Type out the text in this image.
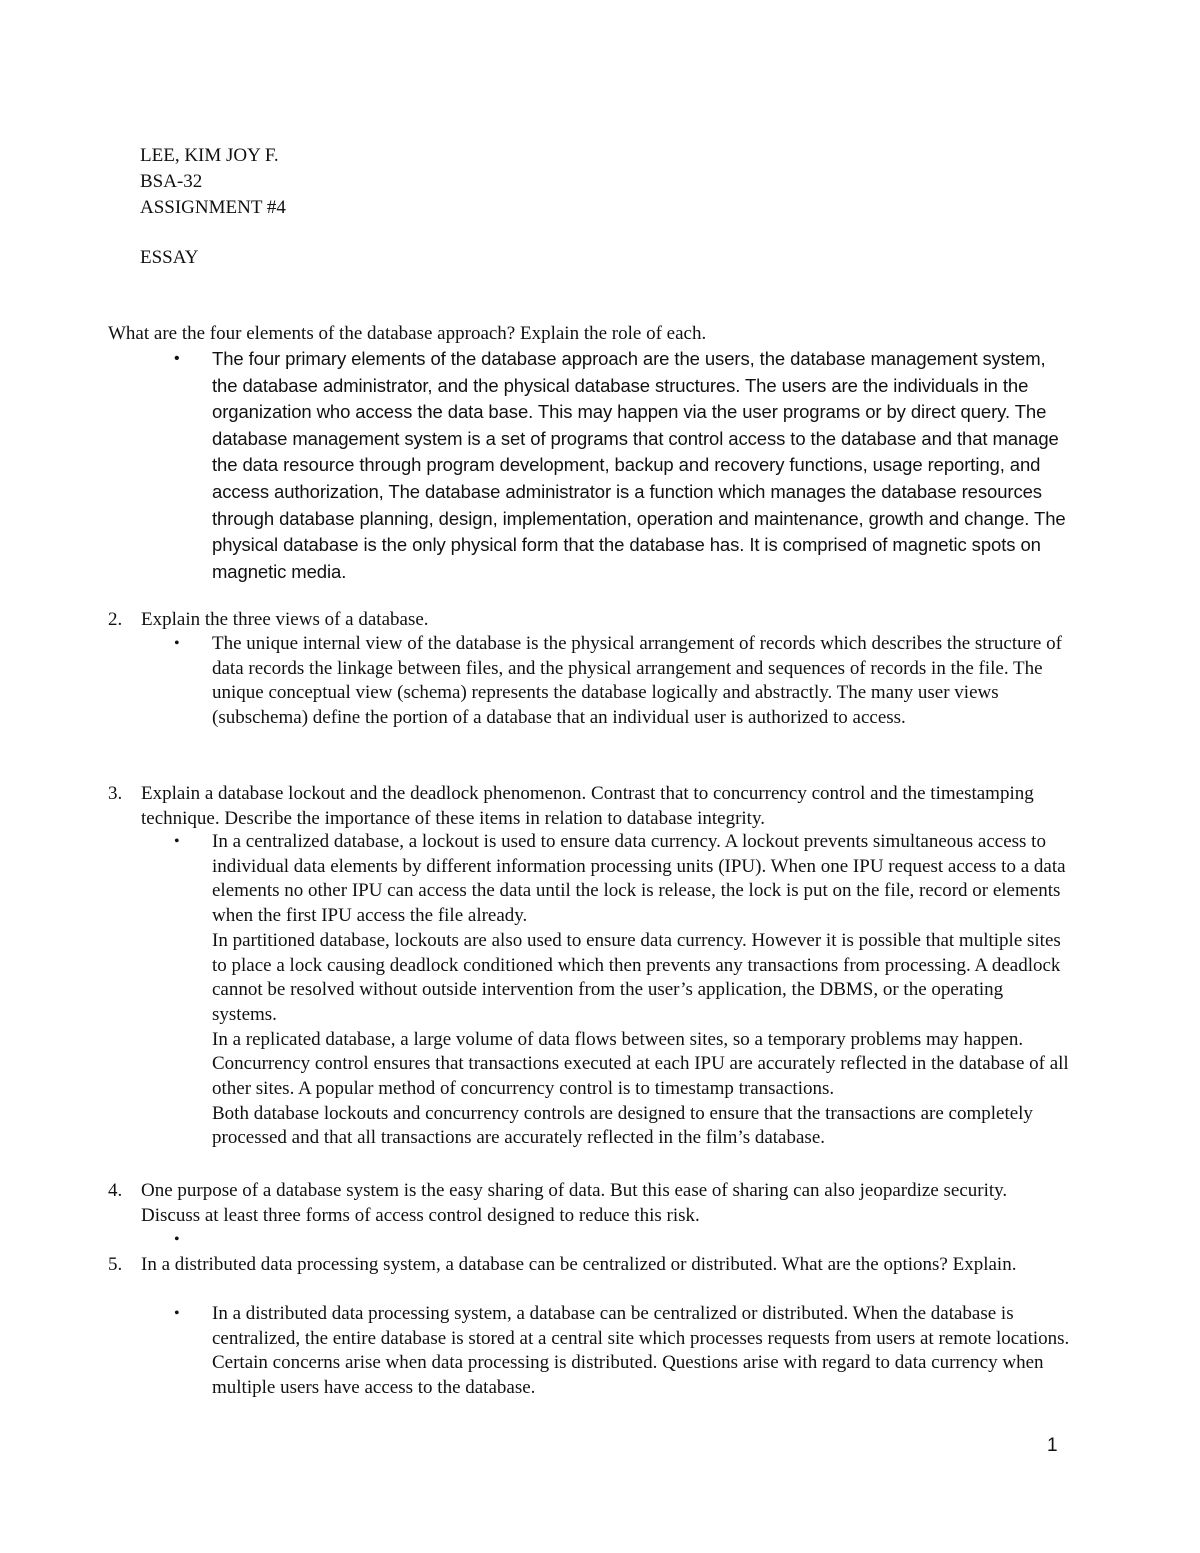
LEE, KIM JOY F.
BSA-32
ASSIGNMENT #4
ESSAY
What are the four elements of the database approach? Explain the role of each.
• The four primary elements of the database approach are the users, the database management system, the database administrator, and the physical database structures. The users are the individuals in the organization who access the data base. This may happen via the user programs or by direct query. The database management system is a set of programs that control access to the database and that manage the data resource through program development, backup and recovery functions, usage reporting, and access authorization, The database administrator is a function which manages the database resources through database planning, design, implementation, operation and maintenance, growth and change. The physical database is the only physical form that the database has. It is comprised of magnetic spots on magnetic media.
2. Explain the three views of a database.
• The unique internal view of the database is the physical arrangement of records which describes the structure of data records the linkage between files, and the physical arrangement and sequences of records in the file. The unique conceptual view (schema) represents the database logically and abstractly. The many user views (subschema) define the portion of a database that an individual user is authorized to access.
3. Explain a database lockout and the deadlock phenomenon. Contrast that to concurrency control and the timestamping technique. Describe the importance of these items in relation to database integrity.
• In a centralized database, a lockout is used to ensure data currency. A lockout prevents simultaneous access to individual data elements by different information processing units (IPU). When one IPU request access to a data elements no other IPU can access the data until the lock is release, the lock is put on the file, record or elements when the first IPU access the file already.

In partitioned database, lockouts are also used to ensure data currency. However it is possible that multiple sites to place a lock causing deadlock conditioned which then prevents any transactions from processing. A deadlock cannot be resolved without outside intervention from the user’s application, the DBMS, or the operating systems.

In a replicated database, a large volume of data flows between sites, so a temporary problems may happen. Concurrency control ensures that transactions executed at each IPU are accurately reflected in the database of all other sites. A popular method of concurrency control is to timestamp transactions.

Both database lockouts and concurrency controls are designed to ensure that the transactions are completely processed and that all transactions are accurately reflected in the film’s database.

4. One purpose of a database system is the easy sharing of data. But this ease of sharing can also jeopardize security. Discuss at least three forms of access control designed to reduce this risk.
•
5. In a distributed data processing system, a database can be centralized or distributed. What are the options? Explain.
• In a distributed data processing system, a database can be centralized or distributed. When the database is centralized, the entire database is stored at a central site which processes requests from users at remote locations. Certain concerns arise when data processing is distributed. Questions arise with regard to data currency when multiple users have access to the database.
1
